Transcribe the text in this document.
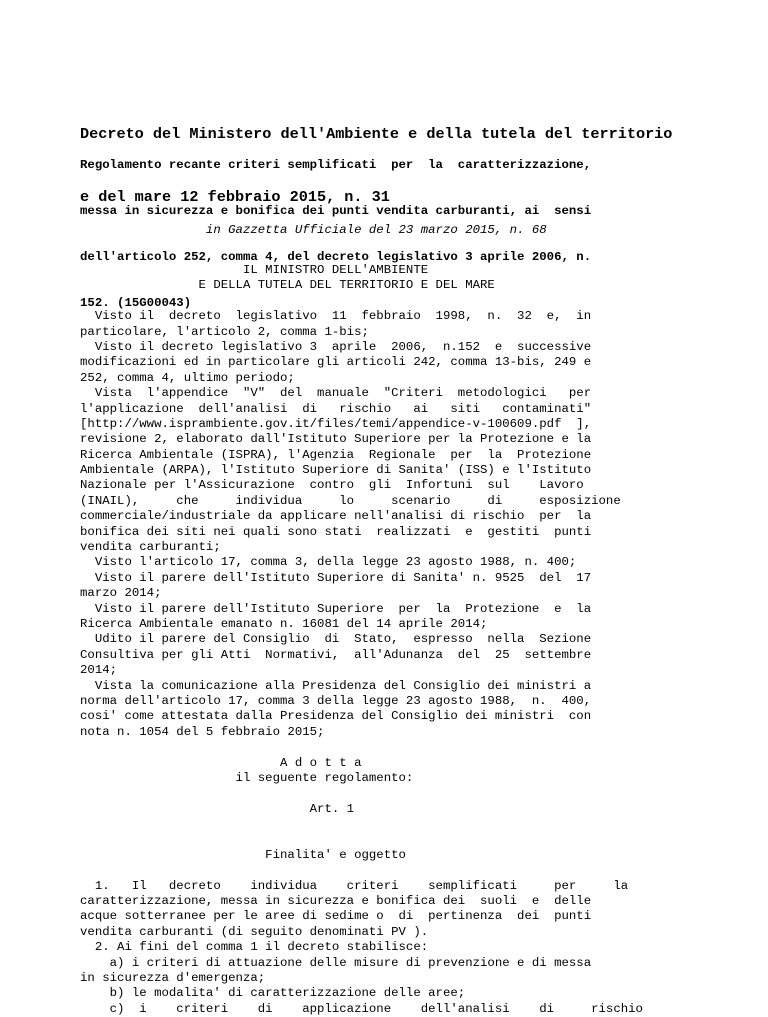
Decreto del Ministero dell'Ambiente e della tutela del territorio

e del mare 12 febbraio 2015, n. 31

Regolamento recante criteri semplificati  per  la  caratterizzazione,

messa in sicurezza e bonifica dei punti vendita carburanti, ai  sensi

dell'articolo 252, comma 4, del decreto legislativo 3 aprile 2006, n.

152. (15G00043)

in Gazzetta Ufficiale del 23 marzo 2015, n. 68

IL MINISTRO DELL'AMBIENTE
E DELLA TUTELA DEL TERRITORIO E DEL MARE

Visto il  decreto  legislativo  11  febbraio  1998,  n.  32  e,  in
particolare, l'articolo 2, comma 1-bis;
Visto il decreto legislativo 3  aprile  2006,  n.152  e  successive
modificazioni ed in particolare gli articoli 242, comma 13-bis, 249 e
252, comma 4, ultimo periodo;
Vista  l'appendice  "V"  del  manuale  "Criteri  metodologici   per
l'applicazione  dell'analisi  di   rischio   ai   siti   contaminati"
[http://www.isprambiente.gov.it/files/temi/appendice-v-100609.pdf  ],
revisione 2, elaborato dall'Istituto Superiore per la Protezione e la
Ricerca Ambientale (ISPRA), l'Agenzia  Regionale  per  la  Protezione
Ambientale (ARPA), l'Istituto Superiore di Sanita' (ISS) e l'Istituto
Nazionale per l'Assicurazione  contro  gli  Infortuni  sul    Lavoro
(INAIL),     che     individua     lo     scenario     di     esposizione
commerciale/industriale da applicare nell'analisi di rischio  per  la
bonifica dei siti nei quali sono stati  realizzati  e  gestiti  punti
vendita carburanti;
Visto l'articolo 17, comma 3, della legge 23 agosto 1988, n. 400;
Visto il parere dell'Istituto Superiore di Sanita' n. 9525  del  17
marzo 2014;
Visto il parere dell'Istituto Superiore  per  la  Protezione  e  la
Ricerca Ambientale emanato n. 16081 del 14 aprile 2014;
Udito il parere del Consiglio  di  Stato,  espresso  nella  Sezione
Consultiva per gli Atti  Normativi,  all'Adunanza  del  25  settembre
2014;
Vista la comunicazione alla Presidenza del Consiglio dei ministri a
norma dell'articolo 17, comma 3 della legge 23 agosto 1988,  n.  400,
cosi' come attestata dalla Presidenza del Consiglio dei ministri  con
nota n. 1054 del 5 febbraio 2015;

A d o t t a
il seguente regolamento:

Art. 1

Finalita' e oggetto

1.   Il   decreto    individua    criteri    semplificati     per     la
caratterizzazione, messa in sicurezza e bonifica dei  suoli  e  delle
acque sotterranee per le aree di sedime o  di  pertinenza  dei  punti
vendita carburanti (di seguito denominati PV ).
2. Ai fini del comma 1 il decreto stabilisce:
a) i criteri di attuazione delle misure di prevenzione e di messa
in sicurezza d'emergenza;
b) le modalita' di caratterizzazione delle aree;
c)  i    criteri    di    applicazione    dell'analisi    di     rischio
